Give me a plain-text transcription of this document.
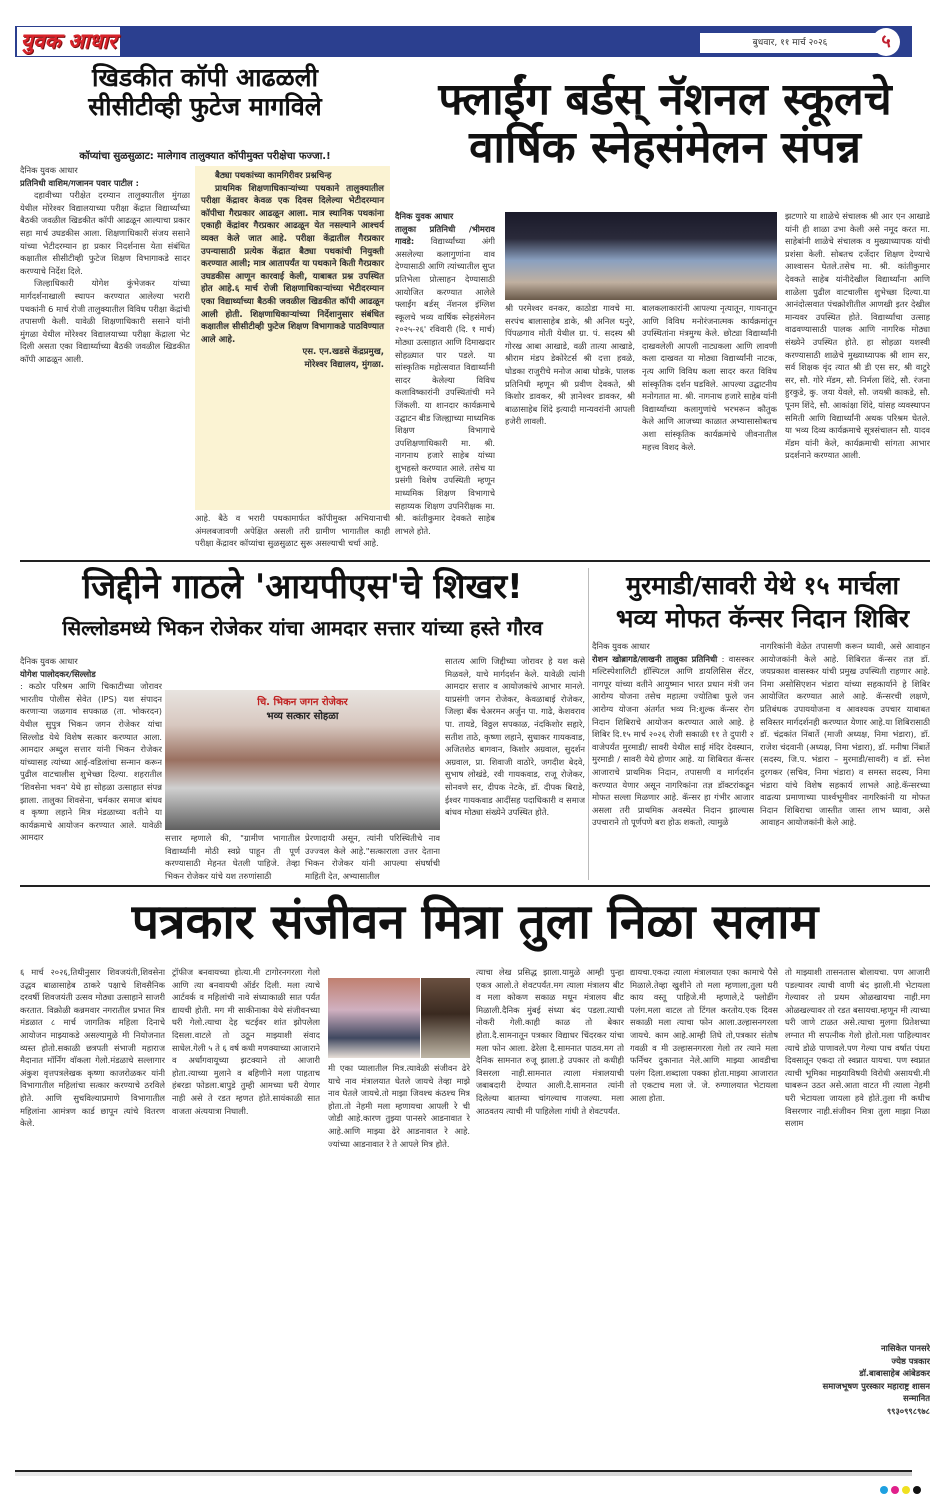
युवक आधार	बुधवार, ११ मार्च २०२६	५
खिडकीत कॉपी आढळली
सीसीटीव्ही फुटेज मागविले
कॉप्यांचा सुळसुळाट: मालेगाव तालुक्यात कॉपीमुक्त परीक्षेचा फज्जा.!
दैनिक युवक आधार
प्रतिनिधी वाशिम/गजानन पवार पाटील :

दहावीच्या परीक्षेत दरम्यान तालुक्यातील मुंगळा येथील मोरेश्वर विद्यालयाच्या परीक्षा केंद्रात विद्यार्थ्यांच्या बैठकी जवळील खिडकीत कॉपी आढळून आल्याचा प्रकार सहा मार्च उघडकीस आला. शिक्षणाधिकारी संजय ससाने यांच्या भेटीदरम्यान हा प्रकार निदर्शनास येता संबंधित कक्षातील सीसीटीव्ही फुटेज शिक्षण विभागाकडे सादर करण्याचे निर्देश दिले.

जिल्हाधिकारी योगेश कुंभेजकर यांच्या मार्गदर्शनाखाली स्थापन करण्यात आलेल्या भरारी पथकांनी 6 मार्च रोजी तालुक्यातील विविध परीक्षा केंद्रांची तपासणी केली. यावेळी शिक्षणाधिकारी ससाने यांनी मुंगळा येथील मोरेश्वर विद्यालयाच्या परीक्षा केंद्राला भेट दिली असता एका विद्यार्थ्याच्या बैठकी जवळील खिडकीत कॉपी आढळून आली.

बैठ्या पथकांच्या कामगिरीवर प्रश्नचिन्ह

प्राथमिक शिक्षणाधिकाऱ्यांच्या पथकाने तालुक्यातील परीक्षा केंद्रावर केवळ एक दिवस दिलेल्या भेटीदरम्यान कॉपीचा गैरप्रकार आढळून आला. मात्र स्थानिक पथकांना एकाही केंद्रांवर गैरप्रकार आढळून येत नसल्याने आश्चर्य व्यक्त केले जात आहे. परीक्षा केंद्रातील गैरप्रकार उपन्यासाठी प्रत्येक केंद्रात बैठ्या पथकांची नियुक्ती करण्यात आली; मात्र आतापर्यंत या पथकाने किती गैरप्रकार उघडकीस आणून कारवाई केली, याबाबत प्रश्न उपस्थित होत आहे.६ मार्च रोजी शिक्षणाधिकाऱ्यांच्या भेटीदरम्यान एका विद्यार्थ्याच्या बैठकी जवळील खिडकीत कॉपी आढळून आली होती. शिक्षणाधिकाऱ्यांच्या निर्देशानुसार संबंधित कक्षातील सीसीटीव्ही फुटेज शिक्षण विभागाकडे पाठविण्यात आले आहे.

एस. एन.खडसे केंद्रप्रमुख,
मोरेश्वर विद्यालय, मुंगळा.
आहे. बैठे व भरारी पथकामार्फत कॉपीमुक्त अभियानाची अंमलबजावणी अपेक्षित असली तरी ग्रामीण भागातील काही परीक्षा केंद्रावर कॉप्यांचा सुळसुळाट सुरू असल्याची चर्चा आहे.
फ्लाईंग बर्डस् नॅशनल स्कूलचे
वार्षिक स्नेहसंमेलन संपन्न
दैनिक युवक आधार
तालुका प्रतिनिधी /भीमराव गावडे: विद्यार्थ्यांच्या अंगी असलेल्या कलागुणांना वाव देण्यासाठी आणि त्यांच्यातील सुप्त प्रतिभेला प्रोत्साहन देण्यासाठी आयोजित करण्यात आलेले फ्लाईंग बर्डस् नॅशनल इंग्लिश स्कूलचे भव्य वार्षिक स्नेहसंमेलन २०२५-२६' रविवारी (दि. १ मार्च) मोठ्या उत्साहात आणि दिमाखदार सोहळ्यात पार पडले. या सांस्कृतिक महोत्सवात विद्यार्थ्यांनी सादर केलेल्या विविध कलाविष्कारांनी उपस्थितांची मने जिंकली. या शानदार कार्यक्रमाचे उद्घाटन बीड जिल्ह्याच्या माध्यमिक शिक्षण विभागाचे उपशिक्षणाधिकारी मा. श्री. नागनाथ हजारे साहेब यांच्या शुभहस्ते करण्यात आले. तसेच या प्रसंगी विशेष उपस्थिती म्हणून माध्यमिक शिक्षण विभागाचे सहाय्यक शिक्षण उपनिरीक्षक मा. श्री. कांतीकुमार देवकते साहेब लाभले होते.
श्री परमेश्वर वनकर, काठोडा गावचे मा. सरपंच बालासाहेब डाके, श्री अनिल धनुरे, पिंपळगाव मोती येथील ग्रा. पं. सदस्य श्री गोरख आबा आखाडे, वळी तात्या आखाडे, श्रीराम मंडप डेकोरेटर्स श्री दत्ता हवळे, घोडका राजुरीचे मनोज आबा घोडके, पालक प्रतिनिधी म्हणून श्री प्रवीण देवकते, श्री किशोर डावकर, श्री ज्ञानेश्वर डावकर, श्री बाळासाहेब शिंदे इत्यादी मान्यवरांनी आपली हजेरी लावली.
बालकलाकारांनी आपल्या नृत्यातून, गायनातून आणि विविध मनोरंजनात्मक कार्यक्रमांतून उपस्थितांना मंत्रमुग्ध केले. छोट्या विद्यार्थ्यांनी दाखवलेली आपली नाट्यकला आणि लावणी कला दाखवत या मोठ्या विद्यार्थ्यांनी नाटक, नृत्य आणि विविध कला सादर करत विविध सांस्कृतिक दर्शन घडविले. आपल्या उद्घाटनीय मनोगतात मा. श्री. नागनाथ हजारे साहेब यांनी विद्यार्थ्यांच्या कलागुणांचे भरभरून कौतुक केले आणि आजच्या काळात अभ्यासासोबतच अशा सांस्कृतिक कार्यक्रमांचे जीवनातील महत्त्व विशद केले.
झटणारे या शाळेचे संचालक श्री आर एन आखाडे यांनी ही शाळा उभा केली असे नमूद करत मा. साहेबांनी शाळेचे संचालक व मुख्याध्यापक यांची प्रशंसा केली. सोबतच दर्जेदार शिक्षण देण्याचे आश्वासन घेतले.तसेच मा. श्री. कांतीकुमार देवकते साहेब यांनीदेखील विद्यार्थ्यांना आणि शाळेला पुढील वाटचालीस शुभेच्छा दिल्या.या आनंदोत्सवात पंचक्रोशीतील आणखी इतर देखील मान्यवर उपस्थित होते. विद्यार्थ्यांचा उत्साह वाढवण्यासाठी पालक आणि नागरिक मोठ्या संख्येने उपस्थित होते. हा सोहळा यशस्वी करण्यासाठी शाळेचे मुख्याध्यापक श्री शाम सर, सर्व शिक्षक वृंद त्यात श्री डी एस सर, श्री वाटुरे सर, सौ. गोरे मॅडम, सौ. निर्मला शिंदे, सौ. रंजना हुरकुडे, कु. जया येवले, सौ. जयश्री काकडे, सौ. पूनम शिंदे, सौ. आकांक्षा शिंदे, यांसह व्यवस्थापन समिती आणि विद्यार्थ्यांनी अथक परिश्रम घेतले. या भव्य दिव्य कार्यक्रमाचे सूत्रसंचालन सौ. यादव मॅडम यांनी केले, कार्यक्रमाची सांगता आभार प्रदर्शनाने करण्यात आली.
जिद्दीने गाठले 'आयपीएस'चे शिखर!
सिल्लोडमध्ये भिकन रोजेकर यांचा आमदार सत्तार यांच्या हस्ते गौरव
दैनिक युवक आधार
योगेश पालोदकर/सिल्लोड
: कठोर परिश्रम आणि चिकाटीच्या जोरावर भारतीय पोलीस सेवेत (IPS) यश संपादन करणाऱ्या जळगाव सपकाळ (ता. भोकरदन) येथील सुपुत्र भिकन जगन रोजेकर यांचा सिल्लोड येथे विशेष सत्कार करण्यात आला. आमदार अब्दुल सत्तार यांनी भिकन रोजेकर यांच्यासह त्यांच्या आई-वडिलांचा सन्मान करून पुढील वाटचालीस शुभेच्छा दिल्या. शहरातील 'शिवसेना भवन' येथे हा सोहळा उत्साहात संपन्न झाला. तालुका शिवसेना, चर्मकार समाज बांधव व कृष्णा लहाने मित्र मंडळाच्या वतीने या कार्यक्रमाचे आयोजन करण्यात आले. यावेळी आमदार
चि. भिकन जगन रोजेकर
भव्य सत्कार सोहळा
सत्तार म्हणाले की, "ग्रामीण भागातील विद्यार्थ्यांनी मोठी स्वप्ने पाहून ती पूर्ण करण्यासाठी मेहनत घेतली पाहिजे. तेव्हा भिकन रोजेकर यांचे यश तरुणांसाठी
प्रेरणादायी असून, त्यांनी परिस्थितीचे नाव उज्ज्वल केले आहे."सत्काराला उत्तर देताना भिकन रोजेकर यांनी आपल्या संघर्षाची माहिती देत, अभ्यासातील
सातत्य आणि जिद्दीच्या जोरावर हे यश कसे मिळवले, याचे मार्गदर्शन केले. यावेळी त्यांनी आमदार सत्तार व आयोजकांचे आभार मानले. याप्रसंगी जगन रोजेकर, केवळाबाई रोजेकर, जिल्हा बँक चेअरमन अर्जुन पा. गाढे, केशवराव पा. तायडे, विठ्ठल सपकाळ, नंदकिशोर सहारे, सतीश ताठे, कृष्णा लहाने, सुधाकर गायकवाड, अजितशेठ बागवान, किशोर अग्रवाल, सुदर्शन अग्रवाल, प्रा. शिवाजी वाठोरे, जगदीश बेदवे, सुभाष लोखंडे, रवी गायकवाड, राजू रोजेकर, सोनवणे सर, दीपक नेटके, डॉ. दीपक बिराडे, ईश्वर गायकवाड आदींसह पदाधिकारी व समाज बांधव मोठ्या संख्येने उपस्थित होते.
मुरमाडी/सावरी येथे १५ मार्चला
भव्य मोफत कॅन्सर निदान शिबिर
दैनिक युवक आधार
रोशन खोब्रागडे/लाखनी तालुका प्रतिनिधी : वासस्कर मल्टिस्पेशालिटी हॉस्पिटल आणि डायलिसिस सेंटर, नागपूर यांच्या वतीने आयुष्मान भारत प्रधान मंत्री जन आरोग्य योजना तसेच महात्मा ज्योतिबा फुले जन आरोग्य योजना अंतर्गत भव्य नि:शुल्क कॅन्सर रोग निदान शिबिराचे आयोजन करण्यात आले आहे. हे शिबिर दि.१५ मार्च २०२६ रोजी सकाळी ११ ते दुपारी २ वाजेपर्यंत मुरमाडी/ सावरी येथील साई मंदिर देवस्थान, मुरमाडी / सावरी येथे होणार आहे. या शिबिरात कॅन्सर आजाराचे प्राथमिक निदान, तपासणी व मार्गदर्शन करण्यात येणार असून नागरिकांना तज्ञ डॉक्टरांकडून मोफत सल्ला मिळणार आहे. कॅन्सर हा गंभीर आजार असला तरी प्राथमिक अवस्थेत निदान झाल्यास उपचाराने तो पूर्णपणे बरा होऊ शकतो, त्यामुळे
नागरिकांनी वेळेत तपासणी करून घ्यावी, असे आवाहन आयोजकांनी केले आहे. शिबिरात कॅन्सर तज्ञ डॉ. जयप्रकाश वासस्कर यांची प्रमुख उपस्थिती राहणार आहे. निमा असोसिएशन भंडारा यांच्या सहकार्याने हे शिबिर आयोजित करण्यात आले आहे. कॅन्सरची लक्षणे, प्रतिबंधक उपाययोजना व आवश्यक उपचार याबाबत सविस्तर मार्गदर्शनही करण्यात येणार आहे.या शिबिरासाठी डॉ. चंद्रकांत निंबार्ते (माजी अध्यक्ष, निमा भंडारा), डॉ. राजेश चंदवानी (अध्यक्ष, निमा भंडारा), डॉ. मनीषा निंबार्ते (सदस्य, जि.प. भंडारा – मुरमाडी/सावरी) व डॉ. स्नेश दुरगकर (सचिव, निमा भंडारा) व समस्त सदस्य, निमा भंडारा यांचे विशेष सहकार्य लाभले आहे.कॅन्सरच्या वाढत्या प्रमाणाच्या पार्श्वभूमीवर नागरिकांनी या मोफत निदान शिबिराचा जास्तीत जास्त लाभ घ्यावा, असे आवाहन आयोजकांनी केले आहे.
पत्रकार संजीवन मित्रा तुला निळा सलाम
६ मार्च २०२६,तिथीनुसार शिवजयंती,शिवसेना उद्धव बाळासाहेब ठाकरे पक्षाचे शिवसैनिक दरवर्षी शिवजयंती उत्सव मोठ्या उत्साहाने साजरी करतात. विक्रोळी कन्नमवार नगरातील प्रभात मित्र मंडळात ८ मार्च जागतिक महिला दिनाचे आयोजन माझ्याकडे असल्यामुळे मी नियोजनात व्यस्त होतो.सकाळी छत्रपती संभाजी महाराज मैदानात मॉर्निंग वॉकला गेलो.मंडळाचे सल्लागार अंकुश वृत्तपत्रलेखक कृष्णा काजरोळकर यांनी विभागातील महिलांचा सत्कार करण्याचे ठरविले होते. आणि सुचविल्याप्रमाणे विभागातील महिलांना आमंत्रण कार्ड छापून त्यांचे वितरण केले.
ट्रॉफीज बनवायच्या होत्या.मी टागोरनगरला गेलो आणि त्या बनवायची ऑर्डर दिली. मला त्याचे आर्टवर्क व महिलांची नावे संध्याकाळी सात पर्यंत द्यायची होती. मग मी साकीनाका येथे संजीवनच्या घरी गेलो.त्याचा देह चटईवर शांत झोपलेला दिसला.वाटले तो उठून माझ्याशी संवाद साधेल.गेली ५ ते ६ वर्ष कधी मणक्याच्या आजाराने व अर्धांगवायूच्या झटक्याने तो आजारी होता.त्याच्या मुलाने व बहिणीने मला पाहताच हंबरडा फोडला.बापुडे तुम्ही आमच्या घरी येणार नाही असे ते रडत म्हणत होते.सायंकाळी सात वाजता अंत्ययात्रा निघाली.
मी एका प्यालातील मित्र.त्यावेळी संजीवन ढेरे याचे नाव मंत्रालयात घेतले जायचे तेव्हा माझे नाव घेतले जायचे.तो माझा जिवश्च कंठश्च मित्र होता.तो नेहमी मला म्हणायचा आपली रे ची जोडी आहे.कारण तुझ्या पानसरे आडनावात रे आहे.आणि माझ्या ढेरे आडनावात रे आहे. ज्यांच्या आडनावात रे ते आपले मित्र होते.
त्याचा लेख प्रसिद्ध झाला.यामुळे आम्ही पुन्हा एकत्र आलो.ते शेवटपर्यंत.मग त्याला मंत्रालय बीट व मला कोकण सकाळ मधून मंत्रालय बीट मिळाली.दैनिक मुंबई संध्या बंद पडला.त्याची नोकरी गेली.काही काळ तो बेकार होता.दै.सामनातून पत्रकार विद्याधर चिंदरकर यांचा मला फोन आला. ढेरेला दै.सामनात पाठव.मग तो दैनिक सामनात रुजू झाला.हे उपकार तो कधीही विसरला नाही.सामनात त्याला मंत्रालयाची जबाबदारी देण्यात आली.दै.सामनात त्यांनी दिलेल्या बातम्या चांगल्याच गाजल्या. मला आठवतय त्याची मी पाहिलेला गांधी ते शेवटपर्यंत.
द्यायचा.एकदा त्याला मंत्रालयात एका कामाचे पैसे मिळाले.तेव्हा खुशीने तो मला म्हणाला,तुला घरी काय वस्तू पाहिजे.मी म्हणाले,दे फ्लोडींग पलंग.मला वाटल तो टिंगल करतोय.एक दिवस सकाळी मला त्याचा फोन आला.उल्हासनगरला जायचे. काम आहे.आम्ही तिघे तो,पत्रकार संतोष गवळी व मी उल्हासनगरला गेलो तर त्याने मला फर्निचर दुकानात नेले.आणि माझ्या आवडीचा पलंग दिला.शब्दाला पक्का होता.माझ्या आजारात तो एकटाच मला जे. जे. रुग्णालयात भेटायला आला होता.
तो माझ्याशी तासनतास बोलायचा. पण आजारी पडल्यावर त्याची वाणी बंद झाली.मी भेटायला गेल्यावर तो प्रथम ओळखायचा नाही.मग ओळखल्यावर तो रडत बसायचा.म्हणून मी त्याच्या घरी जाणे टाळत असे.त्याचा मुलगा प्रितेशच्या लग्नात मी सपत्नीक गेलो होतो.मला पाहिल्यावर त्याचे डोळे पाणावले.पण गेल्या पाच वर्षात पंधरा दिवसातून एकदा तो स्वप्नात यायचा. पण स्वप्नात त्याची भूमिका माझ्याविषयी विरोधी असायची.मी घाबरून उठत असे.आता वाटत मी त्याला नेहमी घरी भेटायला जायला हवे होते.तुला मी कधीच विसरणार नाही.संजीवन मित्रा तुला माझा निळा सलाम
नासिकेत पानसरे
ज्येष्ठ पत्रकार
डॉ.बाबासाहेब आंबेडकर
समाजभूषण पुरस्कार महाराष्ट्र शासन
सन्मानित
९९३०९९८९७८
